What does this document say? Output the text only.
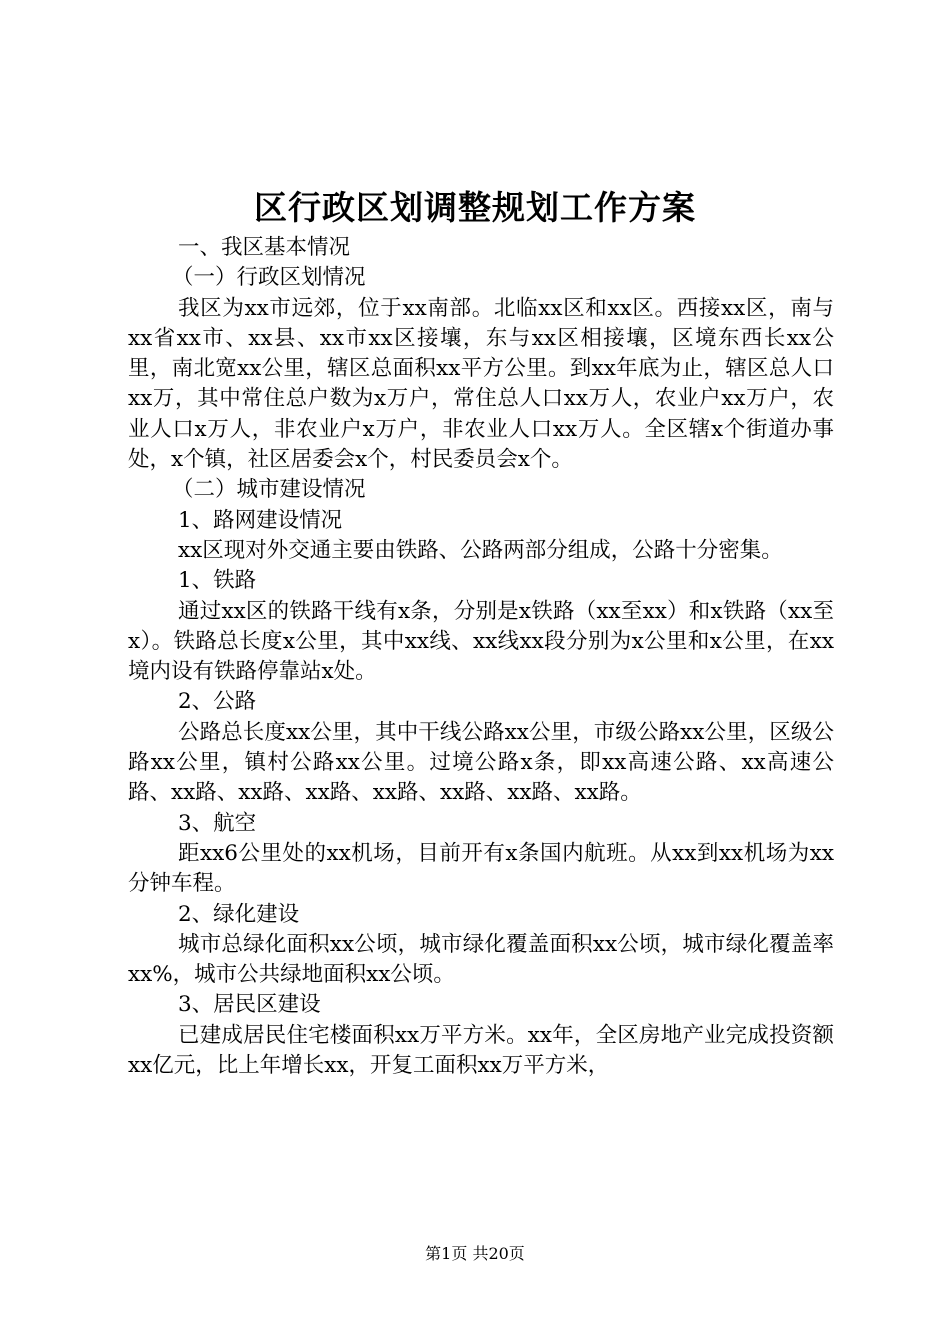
区行政区划调整规划工作方案

一、我区基本情况

（一）行政区划情况

我区为xx市远郊，位于xx南部。北临xx区和xx区。西接xx区，南与xx省xx市、xx县、xx市xx区接壤，东与xx区相接壤，区境东西长xx公里，南北宽xx公里，辖区总面积xx平方公里。到xx年底为止，辖区总人口xx万，其中常住总户数为x万户，常住总人口xx万人，农业户xx万户，农业人口x万人，非农业户x万户，非农业人口xx万人。全区辖x个街道办事处，x个镇，社区居委会x个，村民委员会x个。

（二）城市建设情况

1、路网建设情况

xx区现对外交通主要由铁路、公路两部分组成，公路十分密集。

1、铁路

通过xx区的铁路干线有x条，分别是x铁路（xx至xx）和x铁路（xx至x）。铁路总长度x公里，其中xx线、xx线xx段分别为x公里和x公里，在xx境内设有铁路停靠站x处。

2、公路

公路总长度xx公里，其中干线公路xx公里，市级公路xx公里，区级公路xx公里，镇村公路xx公里。过境公路x条，即xx高速公路、xx高速公路、xx路、xx路、xx路、xx路、xx路、xx路、xx路。

3、航空

距xx6公里处的xx机场，目前开有x条国内航班。从xx到xx机场为xx分钟车程。

2、绿化建设

城市总绿化面积xx公顷，城市绿化覆盖面积xx公顷，城市绿化覆盖率xx%，城市公共绿地面积xx公顷。

3、居民区建设

已建成居民住宅楼面积xx万平方米。xx年，全区房地产业完成投资额xx亿元，比上年增长xx，开复工面积xx万平方米，

第1页 共20页
